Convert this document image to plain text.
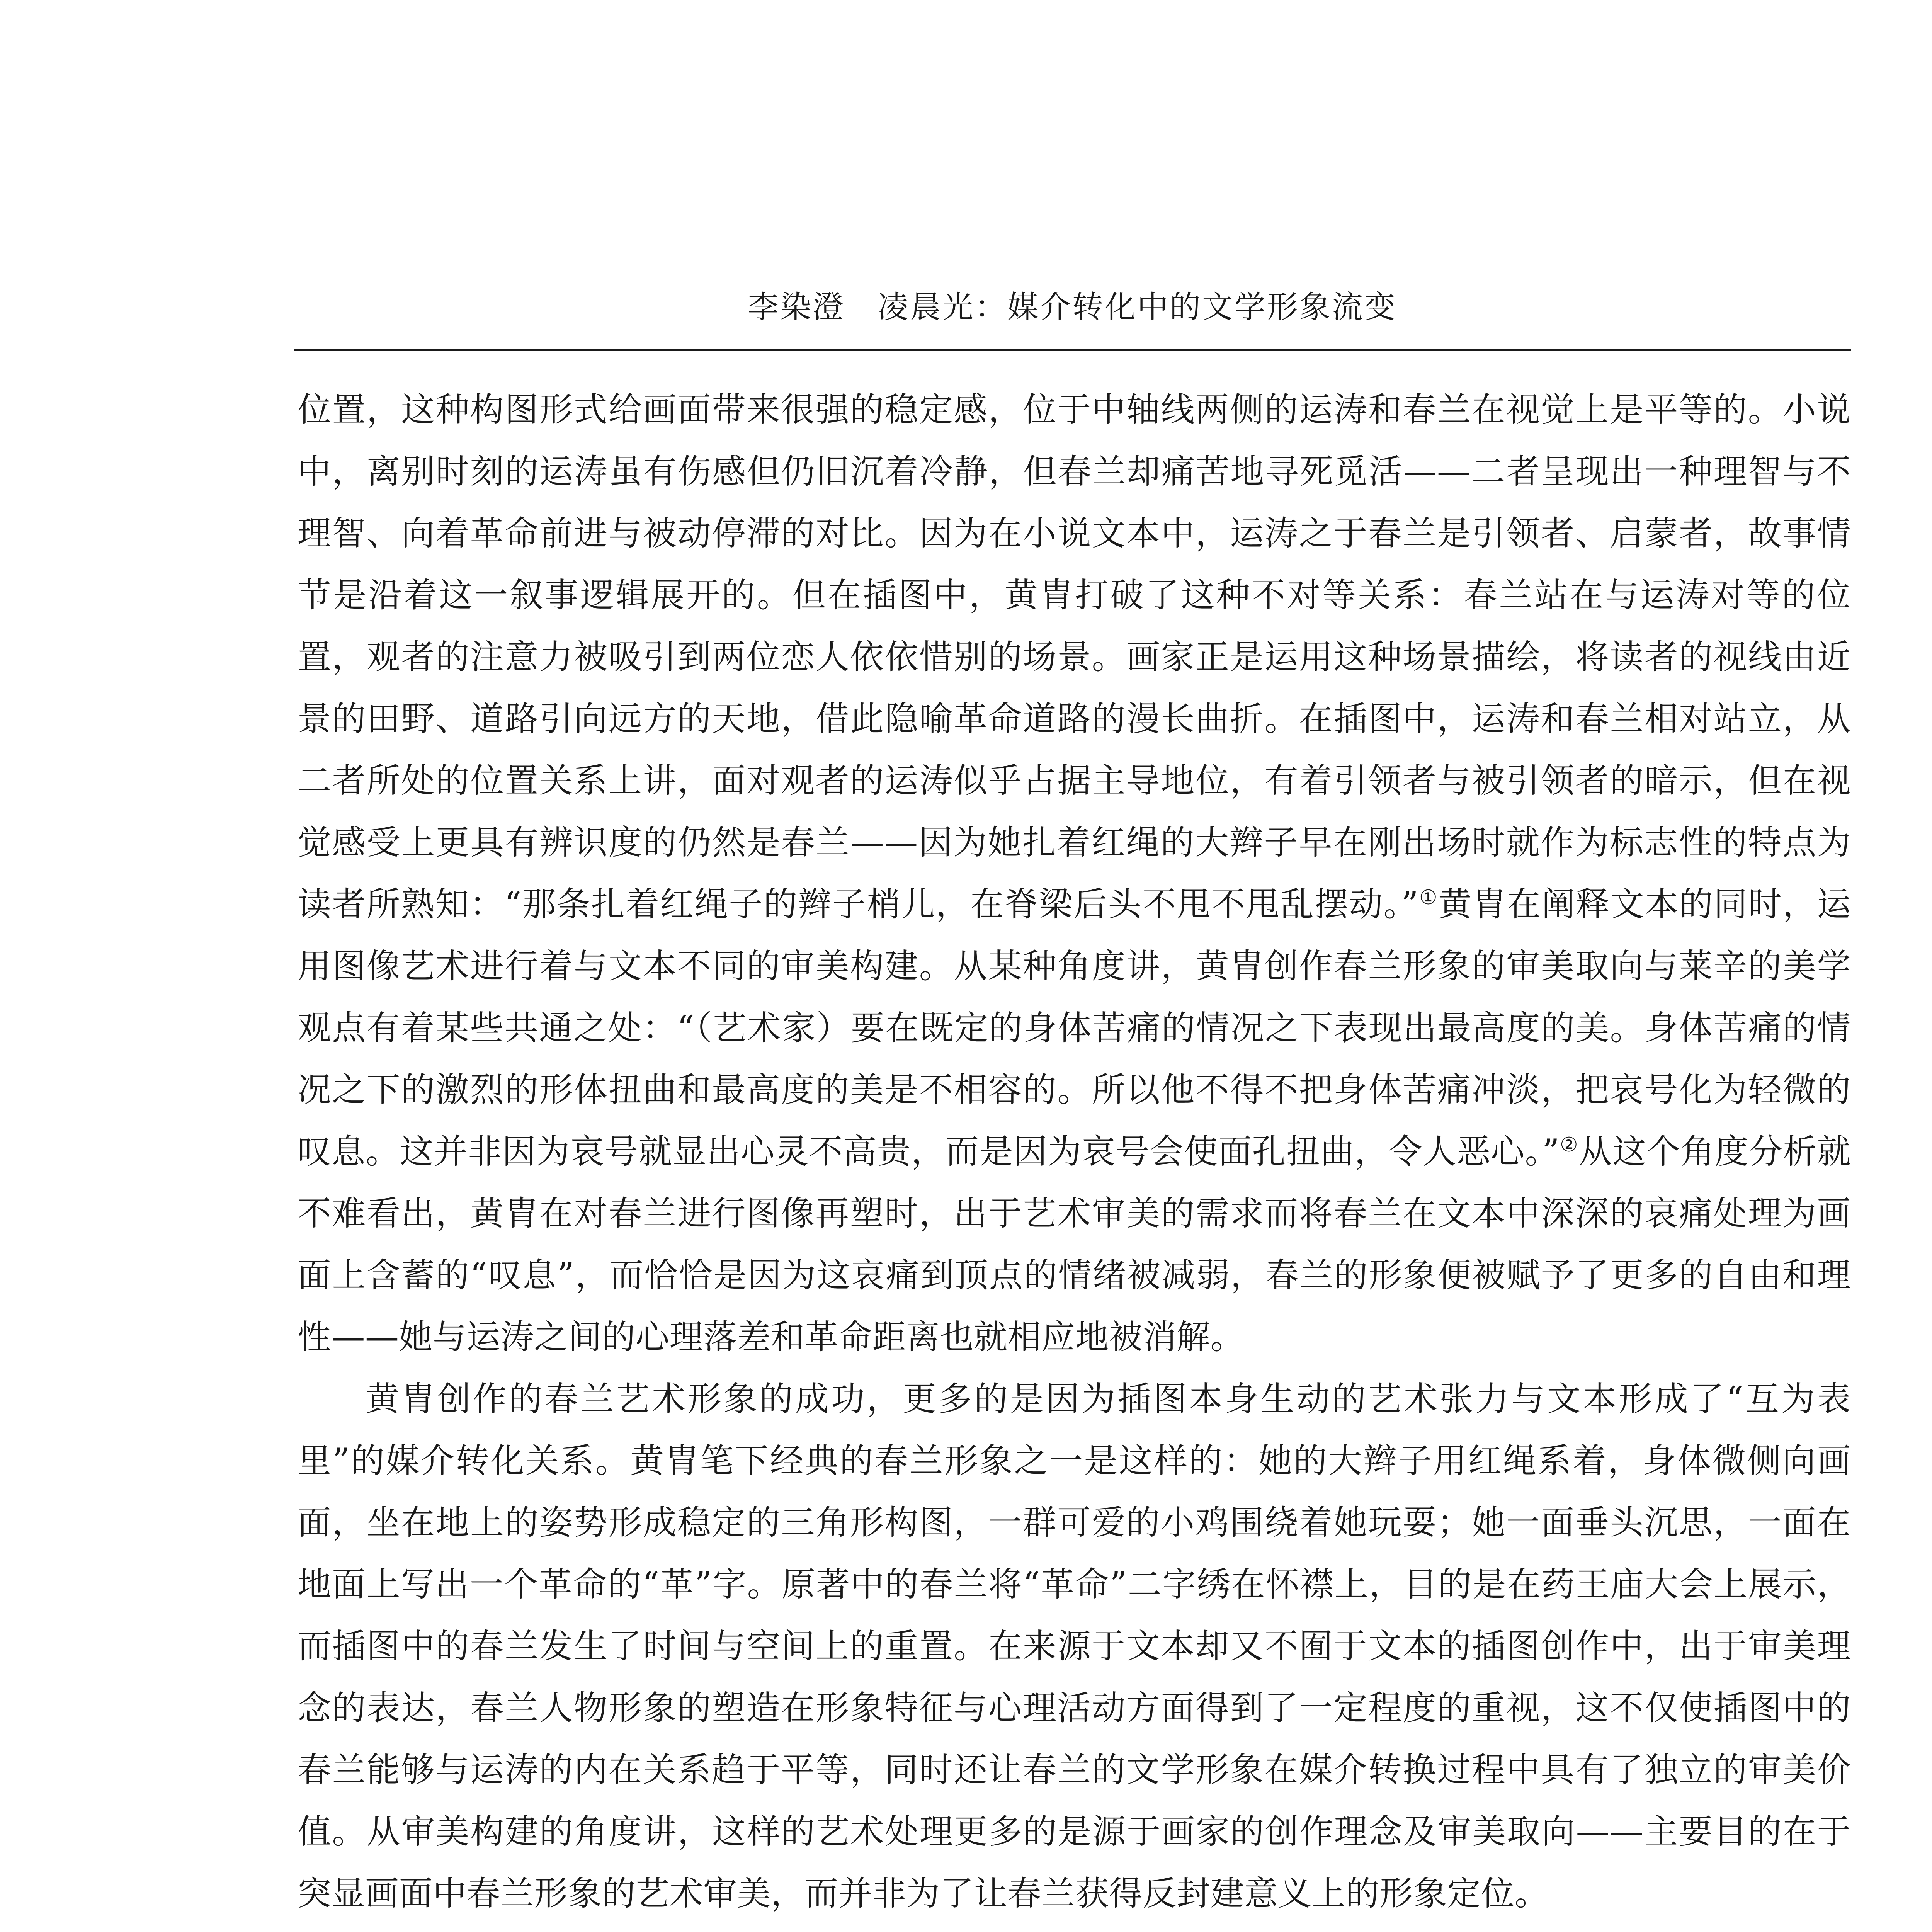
李染澄　凌晨光：媒介转化中的文学形象流变

位置，这种构图形式给画面带来很强的稳定感，位于中轴线两侧的运涛和春兰在视觉上是平等的。小说中，离别时刻的运涛虽有伤感但仍旧沉着冷静，但春兰却痛苦地寻死觅活——二者呈现出一种理智与不理智、向着革命前进与被动停滞的对比。因为在小说文本中，运涛之于春兰是引领者、启蒙者，故事情节是沿着这一叙事逻辑展开的。但在插图中，黄胄打破了这种不对等关系：春兰站在与运涛对等的位置，观者的注意力被吸引到两位恋人依依惜别的场景。画家正是运用这种场景描绘，将读者的视线由近景的田野、道路引向远方的天地，借此隐喻革命道路的漫长曲折。在插图中，运涛和春兰相对站立，从二者所处的位置关系上讲，面对观者的运涛似乎占据主导地位，有着引领者与被引领者的暗示，但在视觉感受上更具有辨识度的仍然是春兰——因为她扎着红绳的大辫子早在刚出场时就作为标志性的特点为读者所熟知：“那条扎着红绳子的辫子梢儿，在脊梁后头不甩不甩乱摆动。”①黄胄在阐释文本的同时，运用图像艺术进行着与文本不同的审美构建。从某种角度讲，黄胄创作春兰形象的审美取向与莱辛的美学观点有着某些共通之处：“（艺术家）要在既定的身体苦痛的情况之下表现出最高度的美。身体苦痛的情况之下的激烈的形体扭曲和最高度的美是不相容的。所以他不得不把身体苦痛冲淡，把哀号化为轻微的叹息。这并非因为哀号就显出心灵不高贵，而是因为哀号会使面孔扭曲，令人恶心。”②从这个角度分析就不难看出，黄胄在对春兰进行图像再塑时，出于艺术审美的需求而将春兰在文本中深深的哀痛处理为画面上含蓄的“叹息”，而恰恰是因为这哀痛到顶点的情绪被减弱，春兰的形象便被赋予了更多的自由和理性——她与运涛之间的心理落差和革命距离也就相应地被消解。

黄胄创作的春兰艺术形象的成功，更多的是因为插图本身生动的艺术张力与文本形成了“互为表里”的媒介转化关系。黄胄笔下经典的春兰形象之一是这样的：她的大辫子用红绳系着，身体微侧向画面，坐在地上的姿势形成稳定的三角形构图，一群可爱的小鸡围绕着她玩耍；她一面垂头沉思，一面在地面上写出一个革命的“革”字。原著中的春兰将“革命”二字绣在怀襟上，目的是在药王庙大会上展示，而插图中的春兰发生了时间与空间上的重置。在来源于文本却又不囿于文本的插图创作中，出于审美理念的表达，春兰人物形象的塑造在形象特征与心理活动方面得到了一定程度的重视，这不仅使插图中的春兰能够与运涛的内在关系趋于平等，同时还让春兰的文学形象在媒介转换过程中具有了独立的审美价值。从审美构建的角度讲，这样的艺术处理更多的是源于画家的创作理念及审美取向——主要目的在于突显画面中春兰形象的艺术审美，而并非为了让春兰获得反封建意义上的形象定位。
